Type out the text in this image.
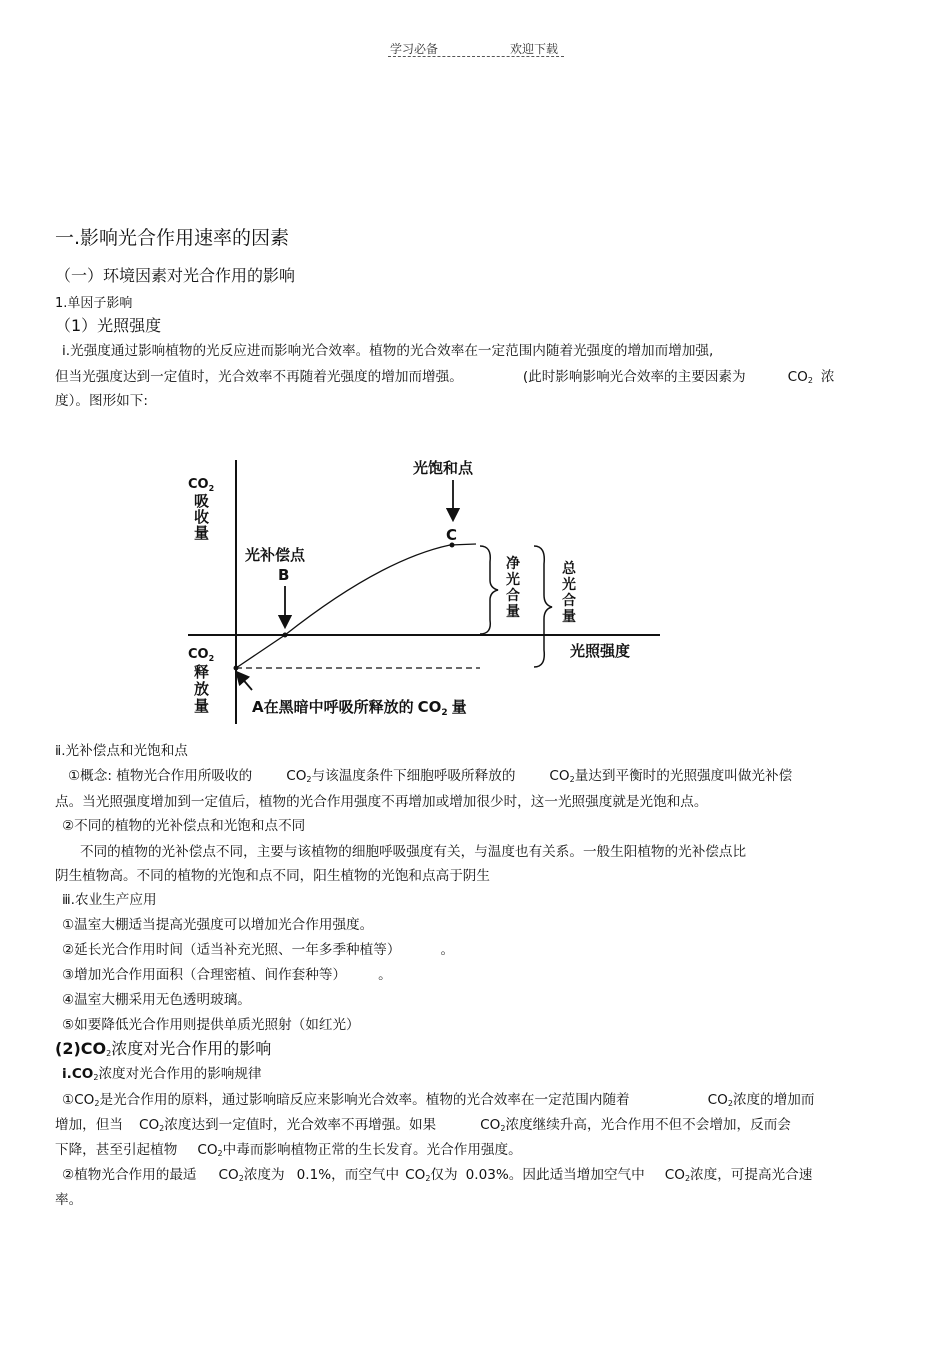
学习必备	欢迎下载
一.影响光合作用速率的因素
（一）环境因素对光合作用的影响
1.单因子影响
（1）光照强度
ⅰ.光强度通过影响植物的光反应进而影响光合效率。植物的光合效率在一定范围内随着光强度的增加而增加强,
但当光强度达到一定值时，光合效率不再随着光强度的增加而增强。	(此时影响影响光合效率的主要因素为	$CO_2$ 浓
度）。图形如下:
$CO_2$
吸
收
量
$CO_2$
释
放
量
光饱和点
C
光补偿点
B
净
光
合
量
总
光
合
量
光照强度
A在黑暗中呼吸所释放的 $CO_2$ 量
ⅱ.光补偿点和光饱和点
①概念: 植物光合作用所吸收的	$CO_2$与该温度条件下细胞呼吸所释放的	$CO_2$量达到平衡时的光照强度叫做光补偿
点。当光照强度增加到一定值后，植物的光合作用强度不再增加或增加很少时，这一光照强度就是光饱和点。
②不同的植物的光补偿点和光饱和点不同
不同的植物的光补偿点不同，主要与该植物的细胞呼吸强度有关，与温度也有关系。一般生阳植物的光补偿点比
阴生植物高。不同的植物的光饱和点不同，阳生植物的光饱和点高于阴生
ⅲ.农业生产应用
①温室大棚适当提高光强度可以增加光合作用强度。
②延长光合作用时间（适当补充光照、一年多季种植等）	。
③增加光合作用面积（合理密植、间作套种等） 。
④温室大棚采用无色透明玻璃。
⑤如要降低光合作用则提供单质光照射（如红光）
$(2)CO_2$浓度对光合作用的影响
$ⅰ.CO_2$浓度对光合作用的影响规律
$①CO_2$是光合作用的原料，通过影响暗反应来影响光合效率。植物的光合效率在一定范围内随着	$CO_2$浓度的增加而
增加，但当 $CO_2$浓度达到一定值时，光合效率不再增强。如果	$CO_2$浓度继续升高，光合作用不但不会增加，反而会
下降，甚至引起植物 $CO_2$中毒而影响植物正常的生长发育。光合作用强度。
②植物光合作用的最适 $CO_2$浓度为 0.1%，而空气中 $CO_2$仅为 0.03%。因此适当增加空气中 $CO_2$浓度，可提高光合速
率。
